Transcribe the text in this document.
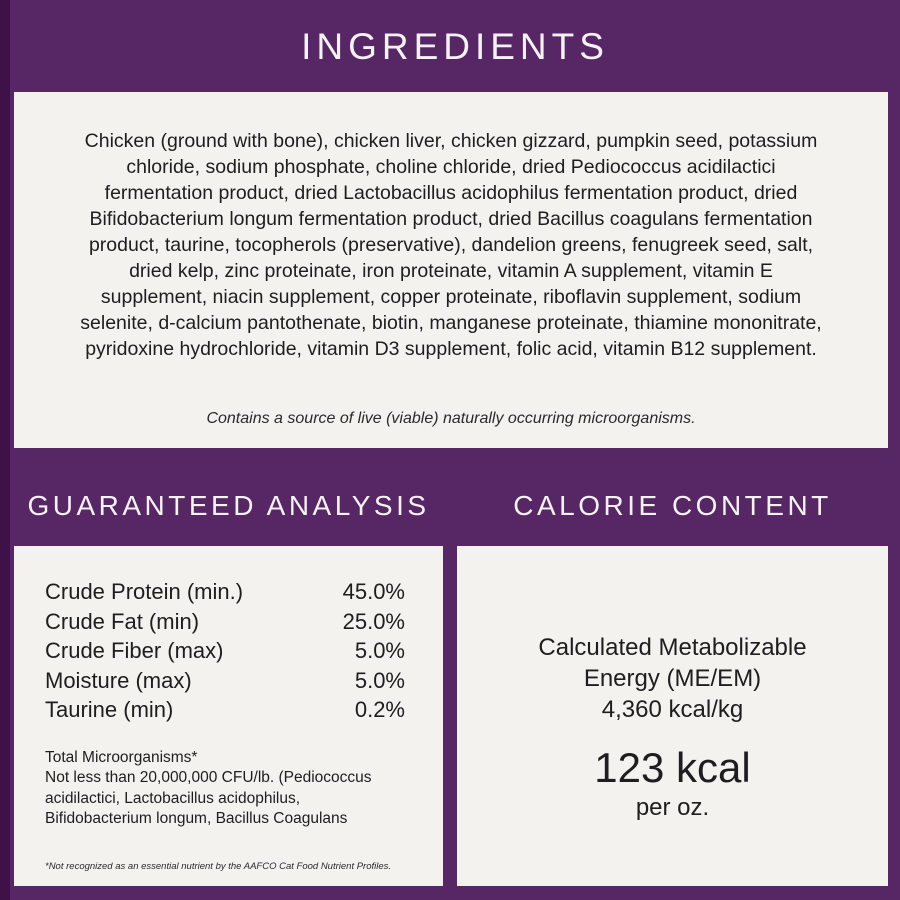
INGREDIENTS

Chicken (ground with bone), chicken liver, chicken gizzard, pumpkin seed, potassium chloride, sodium phosphate, choline chloride, dried Pediococcus acidilactici fermentation product, dried Lactobacillus acidophilus fermentation product, dried Bifidobacterium longum fermentation product, dried Bacillus coagulans fermentation product, taurine, tocopherols (preservative), dandelion greens, fenugreek seed, salt, dried kelp, zinc proteinate, iron proteinate, vitamin A supplement, vitamin E supplement, niacin supplement, copper proteinate, riboflavin supplement, sodium selenite, d-calcium pantothenate, biotin, manganese proteinate, thiamine mononitrate, pyridoxine hydrochloride, vitamin D3 supplement, folic acid, vitamin B12 supplement.

Contains a source of live (viable) naturally occurring microorganisms.

GUARANTEED ANALYSIS	CALORIE CONTENT
Crude Protein (min.)	45.0%
Crude Fat (min)	25.0%
Crude Fiber (max)	5.0%
Moisture (max)	5.0%
Taurine (min)	0.2%
Total Microorganisms*
Not less than 20,000,000 CFU/lb. (Pediococcus acidilactici, Lactobacillus acidophilus, Bifidobacterium longum, Bacillus Coagulans
*Not recognized as an essential nutrient by the AAFCO Cat Food Nutrient Profiles.
Calculated Metabolizable Energy (ME/EM)
4,360 kcal/kg
123 kcal
per oz.
